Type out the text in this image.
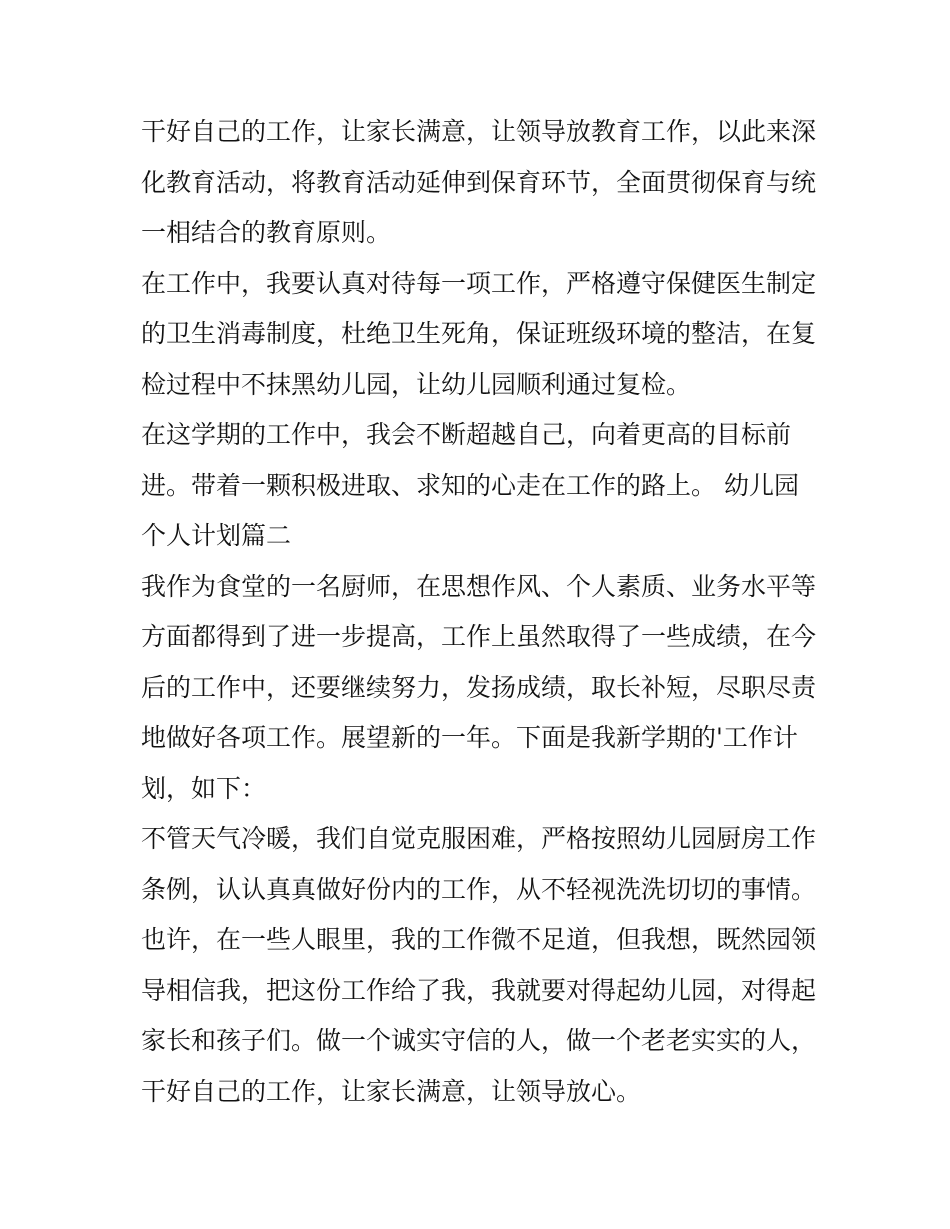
干好自己的工作，让家长满意，让领导放教育工作，以此来深
化教育活动，将教育活动延伸到保育环节，全面贯彻保育与统
一相结合的教育原则。
在工作中，我要认真对待每一项工作，严格遵守保健医生制定
的卫生消毒制度，杜绝卫生死角，保证班级环境的整洁，在复
检过程中不抹黑幼儿园，让幼儿园顺利通过复检。
在这学期的工作中，我会不断超越自己，向着更高的目标前
进。带着一颗积极进取、求知的心走在工作的路上。 幼儿园
个人计划篇二
我作为食堂的一名厨师，在思想作风、个人素质、业务水平等
方面都得到了进一步提高，工作上虽然取得了一些成绩，在今
后的工作中，还要继续努力，发扬成绩，取长补短，尽职尽责
地做好各项工作。展望新的一年。下面是我新学期的'工作计
划，如下：
不管天气冷暖，我们自觉克服困难，严格按照幼儿园厨房工作
条例，认认真真做好份内的工作，从不轻视洗洗切切的事情。
也许，在一些人眼里，我的工作微不足道，但我想，既然园领
导相信我，把这份工作给了我，我就要对得起幼儿园，对得起
家长和孩子们。做一个诚实守信的人，做一个老老实实的人，
干好自己的工作，让家长满意，让领导放心。
